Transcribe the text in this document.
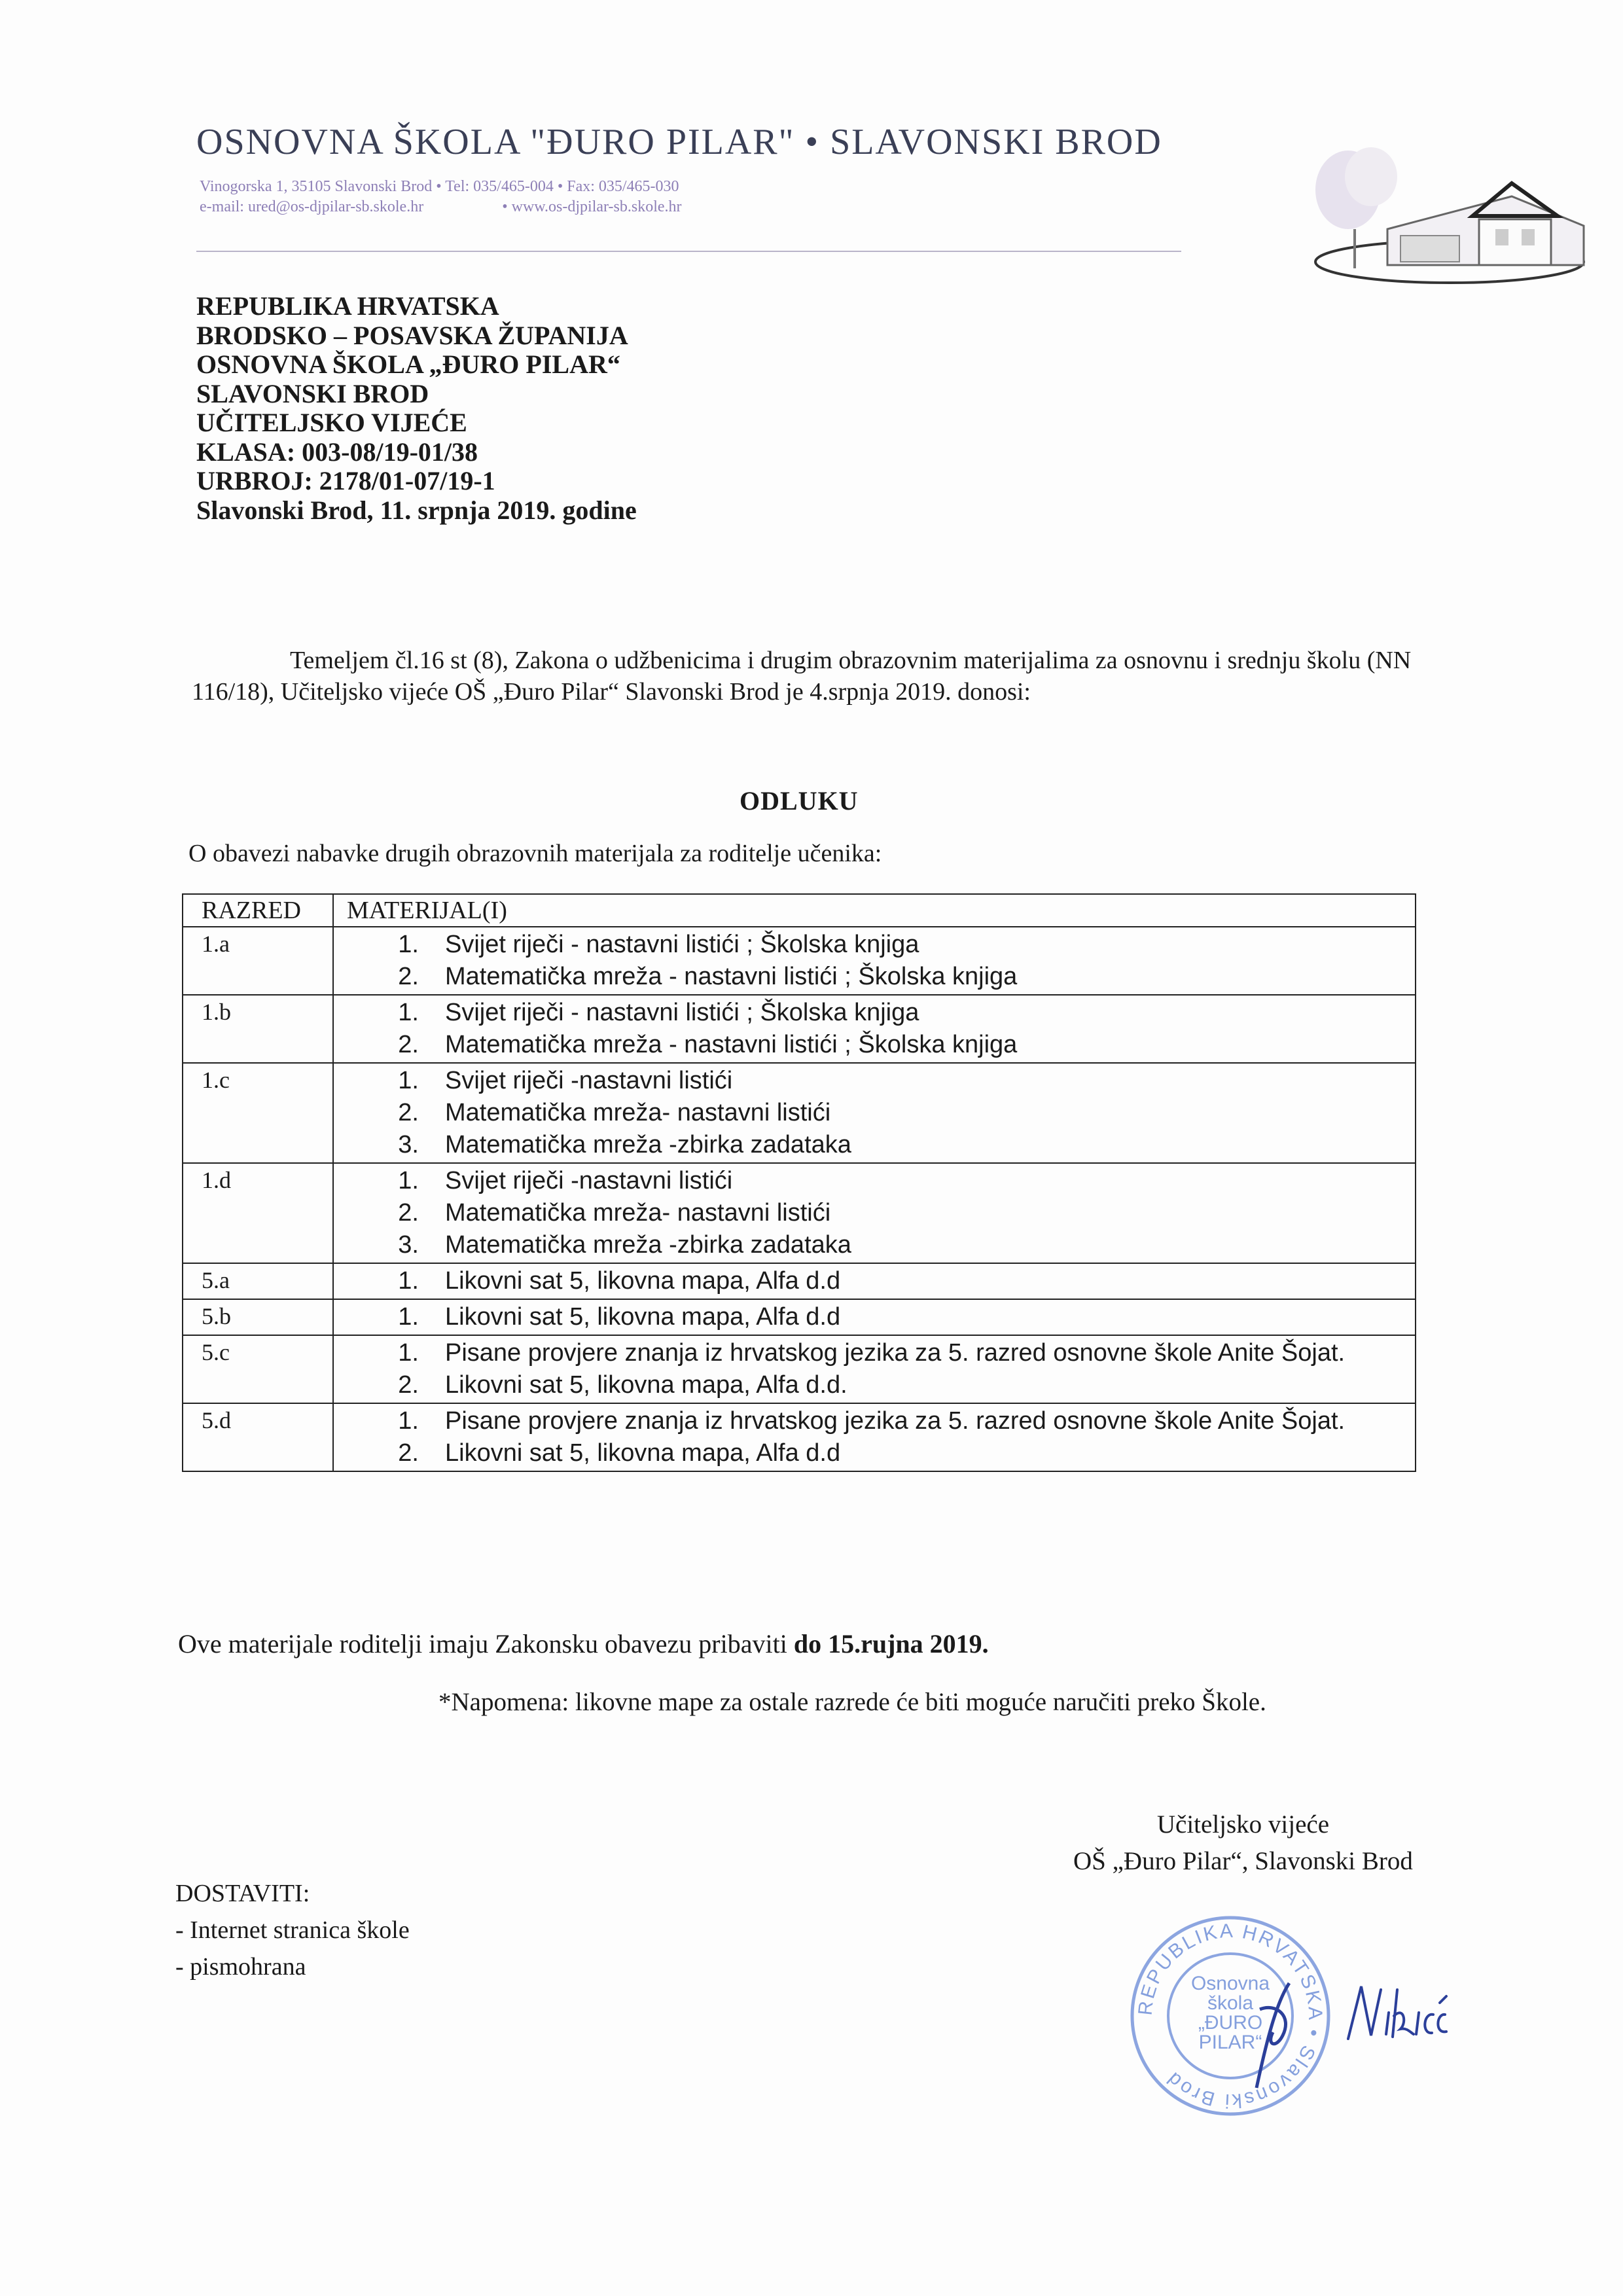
OSNOVNA ŠKOLA "ĐURO PILAR" • SLAVONSKI BROD
Vinogorska 1, 35105 Slavonski Brod • Tel: 035/465-004 • Fax: 035/465-030
e-mail: ured@os-djpilar-sb.skole.hr	• www.os-djpilar-sb.skole.hr
REPUBLIKA HRVATSKA
BRODSKO – POSAVSKA ŽUPANIJA
OSNOVNA ŠKOLA „ĐURO PILAR“
SLAVONSKI BROD
UČITELJSKO VIJEĆE
KLASA: 003-08/19-01/38
URBROJ: 2178/01-07/19-1
Slavonski Brod, 11. srpnja 2019. godine
Temeljem čl.16 st (8), Zakona o udžbenicima i drugim obrazovnim materijalima za osnovnu i srednju školu (NN 116/18), Učiteljsko vijeće OŠ „Đuro Pilar“ Slavonski Brod je 4.srpnja 2019. donosi:
ODLUKU
O obavezi nabavke drugih obrazovnih materijala za roditelje učenika:
RAZRED	MATERIJAL(I)
1.a	1.	Svijet riječi - nastavni listići ; Školska knjiga
2.	Matematička mreža - nastavni listići ; Školska knjiga
1.b	1.	Svijet riječi - nastavni listići ; Školska knjiga
2.	Matematička mreža - nastavni listići ; Školska knjiga
1.c	1.	Svijet riječi -nastavni listići
2.	Matematička mreža- nastavni listići
3.	Matematička mreža -zbirka zadataka
1.d	1.	Svijet riječi -nastavni listići
2.	Matematička mreža- nastavni listići
3.	Matematička mreža -zbirka zadataka
5.a	1.	Likovni sat 5, likovna mapa, Alfa d.d
5.b	1.	Likovni sat 5, likovna mapa, Alfa d.d
5.c	1.	Pisane provjere znanja iz hrvatskog jezika za 5. razred osnovne škole Anite Šojat.
2.	Likovni sat 5, likovna mapa, Alfa d.d.
5.d	1.	Pisane provjere znanja iz hrvatskog jezika za 5. razred osnovne škole Anite Šojat.
2.	Likovni sat 5, likovna mapa, Alfa d.d
Ove materijale roditelji imaju Zakonsku obavezu pribaviti do 15.rujna 2019.
*Napomena: likovne mape za ostale razrede će biti moguće naručiti preko Škole.
Učiteljsko vijeće
OŠ „Đuro Pilar“, Slavonski Brod
DOSTAVITI:
- Internet stranica škole
- pismohrana
REPUBLIKA HRVATSKA • Slavonski Brod
Osnovna
škola
„ĐURO
PILAR“
